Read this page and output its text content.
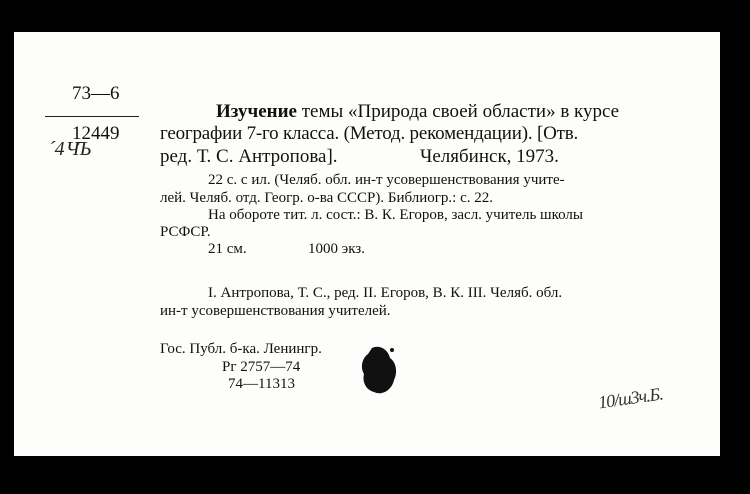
73—6
12449
ˊ4 ЧЪ
Изучение темы «Природа своей области» в курсе
географии 7-го класса. (Метод. рекомендации). [Отв.
ред. Т. С. Антропова].	Челябинск, 1973.
22 с. с ил. (Челяб. обл. ин-т усовершенствования учите-
лей. Челяб. отд. Геогр. о-ва СССР). Библиогр.: с. 22.
На обороте тит. л. сост.: В. К. Егоров, засл. учитель школы
РСФСР.
21 см.	1000 экз.
I. Антропова, Т. С., ред. II. Егоров, В. К. III. Челяб. обл.
ин-т усовершенствования учителей.
Гос. Публ. б-ка. Ленингр.
Рг 2757—74
74—11313	10/ш3ч.Б.
